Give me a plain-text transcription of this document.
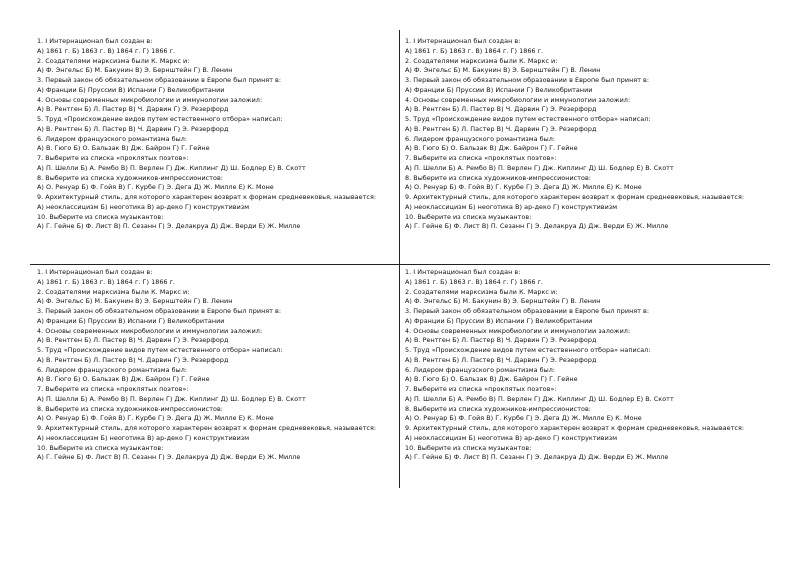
1. I Интернационал был создан в:
А) 1861 г. Б) 1863 г. В) 1864 г. Г) 1866 г.
2. Создателями марксизма были К. Маркс и:
А) Ф. Энгельс Б) М. Бакунин В) Э. Бернштейн Г) В. Ленин
3. Первый закон об обязательном образовании в Европе был принят в:
А) Франции Б) Пруссии В) Испании Г) Великобритании
4. Основы современных микробиологии и иммунологии заложил:
А) В. Рентген Б) Л. Пастер В) Ч. Дарвин Г) Э. Резерфорд
5. Труд «Происхождение видов путем естественного отбора» написал:
А) В. Рентген Б) Л. Пастер В) Ч. Дарвин Г) Э. Резерфорд
6. Лидером французского романтизма был:
А) В. Гюго Б) О. Бальзак В) Дж. Байрон Г) Г. Гейне
7. Выберите из списка «проклятых поэтов»:
А) П. Шелли Б) А. Рембо В) П. Верлен Г) Дж. Киплинг Д) Ш. Бодлер Е) В. Скотт
8. Выберите из списка художников-импрессионистов:
А) О. Ренуар Б) Ф. Гойя В) Г. Курбе Г) Э. Дега Д) Ж. Милле Е) К. Моне
9. Архитектурный стиль, для которого характерен возврат к формам средневековья, называется:
А) неоклассицизм Б) неоготика В) ар-деко Г) конструктивизм
10. Выберите из списка музыкантов:
А) Г. Гейне Б) Ф. Лист В) П. Сезанн Г) Э. Делакруа Д) Дж. Верди Е) Ж. Милле
1. I Интернационал был создан в:
А) 1861 г. Б) 1863 г. В) 1864 г. Г) 1866 г.
2. Создателями марксизма были К. Маркс и:
А) Ф. Энгельс Б) М. Бакунин В) Э. Бернштейн Г) В. Ленин
3. Первый закон об обязательном образовании в Европе был принят в:
А) Франции Б) Пруссии В) Испании Г) Великобритании
4. Основы современных микробиологии и иммунологии заложил:
А) В. Рентген Б) Л. Пастер В) Ч. Дарвин Г) Э. Резерфорд
5. Труд «Происхождение видов путем естественного отбора» написал:
А) В. Рентген Б) Л. Пастер В) Ч. Дарвин Г) Э. Резерфорд
6. Лидером французского романтизма был:
А) В. Гюго Б) О. Бальзак В) Дж. Байрон Г) Г. Гейне
7. Выберите из списка «проклятых поэтов»:
А) П. Шелли Б) А. Рембо В) П. Верлен Г) Дж. Киплинг Д) Ш. Бодлер Е) В. Скотт
8. Выберите из списка художников-импрессионистов:
А) О. Ренуар Б) Ф. Гойя В) Г. Курбе Г) Э. Дега Д) Ж. Милле Е) К. Моне
9. Архитектурный стиль, для которого характерен возврат к формам средневековья, называется:
А) неоклассицизм Б) неоготика В) ар-деко Г) конструктивизм
10. Выберите из списка музыкантов:
А) Г. Гейне Б) Ф. Лист В) П. Сезанн Г) Э. Делакруа Д) Дж. Верди Е) Ж. Милле
1. I Интернационал был создан в:
А) 1861 г. Б) 1863 г. В) 1864 г. Г) 1866 г.
2. Создателями марксизма были К. Маркс и:
А) Ф. Энгельс Б) М. Бакунин В) Э. Бернштейн Г) В. Ленин
3. Первый закон об обязательном образовании в Европе был принят в:
А) Франции Б) Пруссии В) Испании Г) Великобритании
4. Основы современных микробиологии и иммунологии заложил:
А) В. Рентген Б) Л. Пастер В) Ч. Дарвин Г) Э. Резерфорд
5. Труд «Происхождение видов путем естественного отбора» написал:
А) В. Рентген Б) Л. Пастер В) Ч. Дарвин Г) Э. Резерфорд
6. Лидером французского романтизма был:
А) В. Гюго Б) О. Бальзак В) Дж. Байрон Г) Г. Гейне
7. Выберите из списка «проклятых поэтов»:
А) П. Шелли Б) А. Рембо В) П. Верлен Г) Дж. Киплинг Д) Ш. Бодлер Е) В. Скотт
8. Выберите из списка художников-импрессионистов:
А) О. Ренуар Б) Ф. Гойя В) Г. Курбе Г) Э. Дега Д) Ж. Милле Е) К. Моне
9. Архитектурный стиль, для которого характерен возврат к формам средневековья, называется:
А) неоклассицизм Б) неоготика В) ар-деко Г) конструктивизм
10. Выберите из списка музыкантов:
А) Г. Гейне Б) Ф. Лист В) П. Сезанн Г) Э. Делакруа Д) Дж. Верди Е) Ж. Милле
1. I Интернационал был создан в:
А) 1861 г. Б) 1863 г. В) 1864 г. Г) 1866 г.
2. Создателями марксизма были К. Маркс и:
А) Ф. Энгельс Б) М. Бакунин В) Э. Бернштейн Г) В. Ленин
3. Первый закон об обязательном образовании в Европе был принят в:
А) Франции Б) Пруссии В) Испании Г) Великобритании
4. Основы современных микробиологии и иммунологии заложил:
А) В. Рентген Б) Л. Пастер В) Ч. Дарвин Г) Э. Резерфорд
5. Труд «Происхождение видов путем естественного отбора» написал:
А) В. Рентген Б) Л. Пастер В) Ч. Дарвин Г) Э. Резерфорд
6. Лидером французского романтизма был:
А) В. Гюго Б) О. Бальзак В) Дж. Байрон Г) Г. Гейне
7. Выберите из списка «проклятых поэтов»:
А) П. Шелли Б) А. Рембо В) П. Верлен Г) Дж. Киплинг Д) Ш. Бодлер Е) В. Скотт
8. Выберите из списка художников-импрессионистов:
А) О. Ренуар Б) Ф. Гойя В) Г. Курбе Г) Э. Дега Д) Ж. Милле Е) К. Моне
9. Архитектурный стиль, для которого характерен возврат к формам средневековья, называется:
А) неоклассицизм Б) неоготика В) ар-деко Г) конструктивизм
10. Выберите из списка музыкантов:
А) Г. Гейне Б) Ф. Лист В) П. Сезанн Г) Э. Делакруа Д) Дж. Верди Е) Ж. Милле
